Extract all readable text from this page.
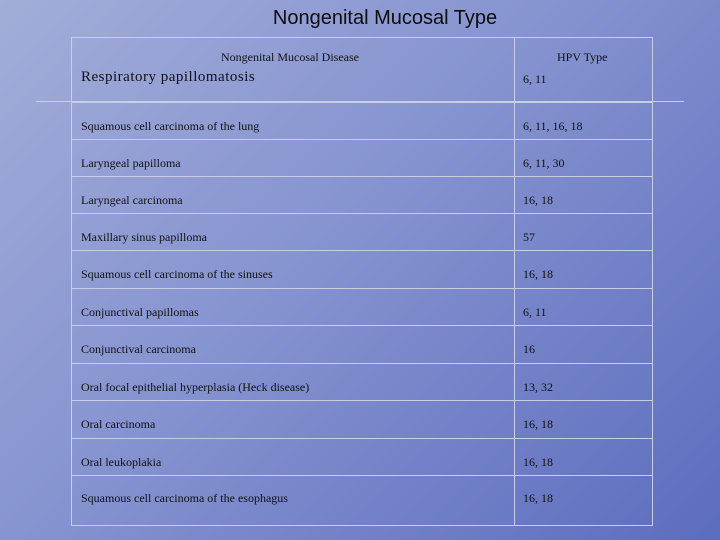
Nongenital Mucosal Type
Nongenital Mucosal Disease	HPV Type
Respiratory papillomatosis	6, 11
Squamous cell carcinoma of the lung	6, 11, 16, 18
Laryngeal papilloma	6, 11, 30
Laryngeal carcinoma	16, 18
Maxillary sinus papilloma	57
Squamous cell carcinoma of the sinuses	16, 18
Conjunctival papillomas	6, 11
Conjunctival carcinoma	16
Oral focal epithelial hyperplasia (Heck disease)	13, 32
Oral carcinoma	16, 18
Oral leukoplakia	16, 18
Squamous cell carcinoma of the esophagus	16, 18
